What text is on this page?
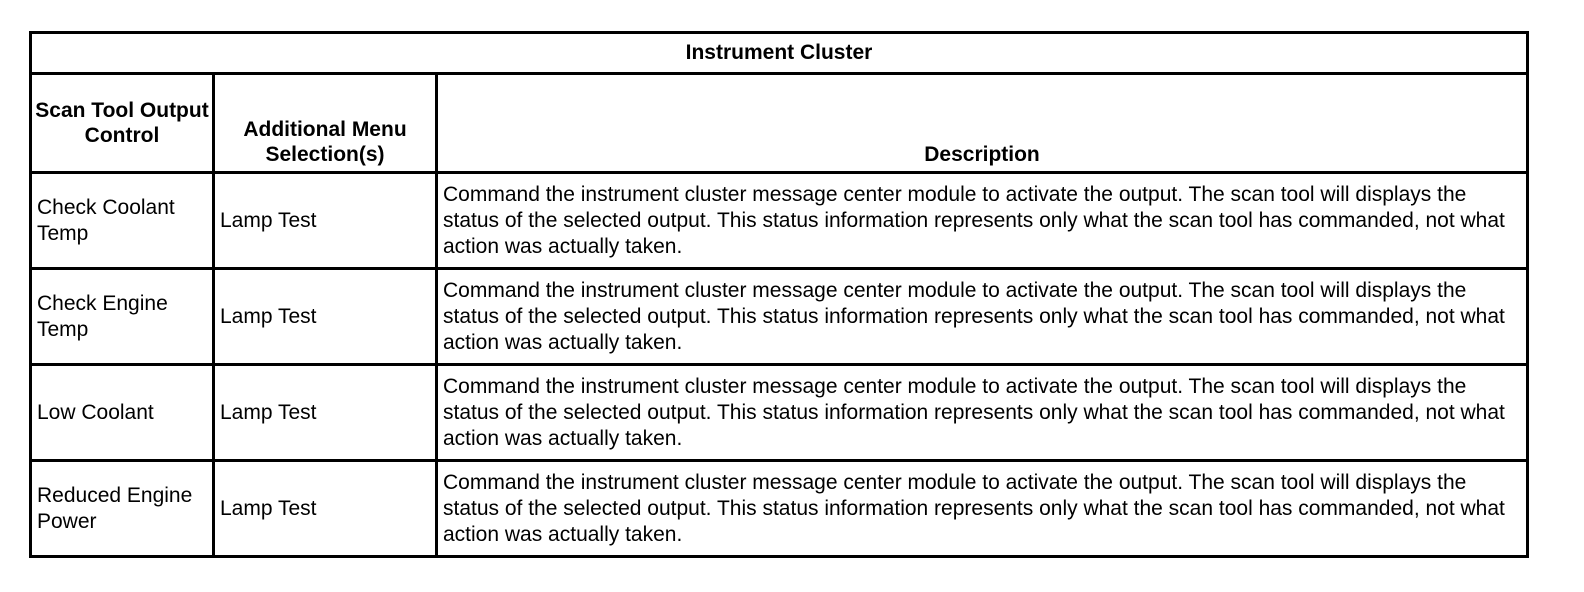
Instrument Cluster		
Scan Tool Output Control	Additional Menu Selection(s)	Description
Check Coolant Temp	Lamp Test	Command the instrument cluster message center module to activate the output. The scan tool will displays the status of the selected output. This status information represents only what the scan tool has commanded, not what action was actually taken.
Check Engine Temp	Lamp Test	Command the instrument cluster message center module to activate the output. The scan tool will displays the status of the selected output. This status information represents only what the scan tool has commanded, not what action was actually taken.
Low Coolant	Lamp Test	Command the instrument cluster message center module to activate the output. The scan tool will displays the status of the selected output. This status information represents only what the scan tool has commanded, not what action was actually taken.
Reduced Engine Power	Lamp Test	Command the instrument cluster message center module to activate the output. The scan tool will displays the status of the selected output. This status information represents only what the scan tool has commanded, not what action was actually taken.
